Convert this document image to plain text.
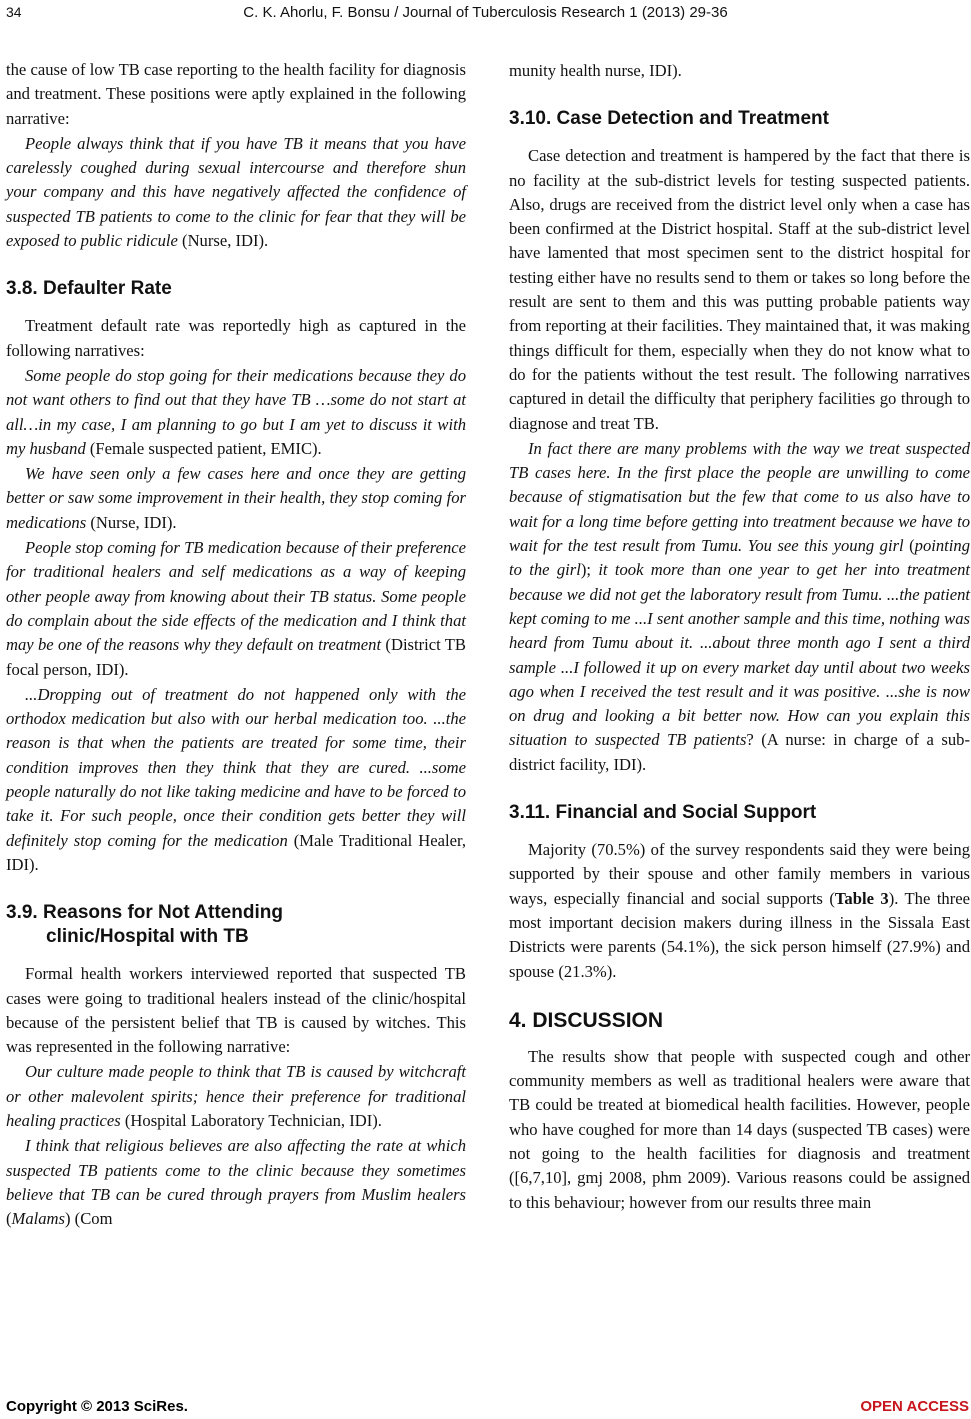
34	C. K. Ahorlu, F. Bonsu / Journal of Tuberculosis Research 1 (2013) 29-36

the cause of low TB case reporting to the health facility for diagnosis and treatment. These positions were aptly explained in the following narrative:

People always think that if you have TB it means that you have carelessly coughed during sexual intercourse and therefore shun your company and this have negatively affected the confidence of suspected TB patients to come to the clinic for fear that they will be exposed to public ridicule (Nurse, IDI).

3.8. Defaulter Rate

Treatment default rate was reportedly high as captured in the following narratives:

Some people do stop going for their medications because they do not want others to find out that they have TB …some do not start at all…in my case, I am planning to go but I am yet to discuss it with my husband (Female suspected patient, EMIC).

We have seen only a few cases here and once they are getting better or saw some improvement in their health, they stop coming for medications (Nurse, IDI).

People stop coming for TB medication because of their preference for traditional healers and self medications as a way of keeping other people away from knowing about their TB status. Some people do complain about the side effects of the medication and I think that may be one of the reasons why they default on treatment (District TB focal person, IDI).

...Dropping out of treatment do not happened only with the orthodox medication but also with our herbal medication too. ...the reason is that when the patients are treated for some time, their condition improves then they think that they are cured. ...some people naturally do not like taking medicine and have to be forced to take it. For such people, once their condition gets better they will definitely stop coming for the medication (Male Traditional Healer, IDI).

3.9. Reasons for Not Attending
clinic/Hospital with TB

Formal health workers interviewed reported that suspected TB cases were going to traditional healers instead of the clinic/hospital because of the persistent belief that TB is caused by witches. This was represented in the following narrative:

Our culture made people to think that TB is caused by witchcraft or other malevolent spirits; hence their preference for traditional healing practices (Hospital Laboratory Technician, IDI).

I think that religious believes are also affecting the rate at which suspected TB patients come to the clinic because they sometimes believe that TB can be cured through prayers from Muslim healers (Malams) (Com

munity health nurse, IDI).

3.10. Case Detection and Treatment

Case detection and treatment is hampered by the fact that there is no facility at the sub-district levels for testing suspected patients. Also, drugs are received from the district level only when a case has been confirmed at the District hospital. Staff at the sub-district level have lamented that most specimen sent to the district hospital for testing either have no results send to them or takes so long before the result are sent to them and this was putting probable patients way from reporting at their facilities. They maintained that, it was making things difficult for them, especially when they do not know what to do for the patients without the test result. The following narratives captured in detail the difficulty that periphery facilities go through to diagnose and treat TB.

In fact there are many problems with the way we treat suspected TB cases here. In the first place the people are unwilling to come because of stigmatisation but the few that come to us also have to wait for a long time before getting into treatment because we have to wait for the test result from Tumu. You see this young girl (pointing to the girl); it took more than one year to get her into treatment because we did not get the laboratory result from Tumu. ...the patient kept coming to me ...I sent another sample and this time, nothing was heard from Tumu about it. ...about three month ago I sent a third sample ...I followed it up on every market day until about two weeks ago when I received the test result and it was positive. ...she is now on drug and looking a bit better now. How can you explain this situation to suspected TB patients? (A nurse: in charge of a sub-district facility, IDI).

3.11. Financial and Social Support

Majority (70.5%) of the survey respondents said they were being supported by their spouse and other family members in various ways, especially financial and social supports (Table 3). The three most important decision makers during illness in the Sissala East Districts were parents (54.1%), the sick person himself (27.9%) and spouse (21.3%).

4. DISCUSSION

The results show that people with suspected cough and other community members as well as traditional healers were aware that TB could be treated at biomedical health facilities. However, people who have coughed for more than 14 days (suspected TB cases) were not going to the health facilities for diagnosis and treatment ([6,7,10], gmj 2008, phm 2009). Various reasons could be assigned to this behaviour; however from our results three main

Copyright © 2013 SciRes.	OPEN ACCESS
